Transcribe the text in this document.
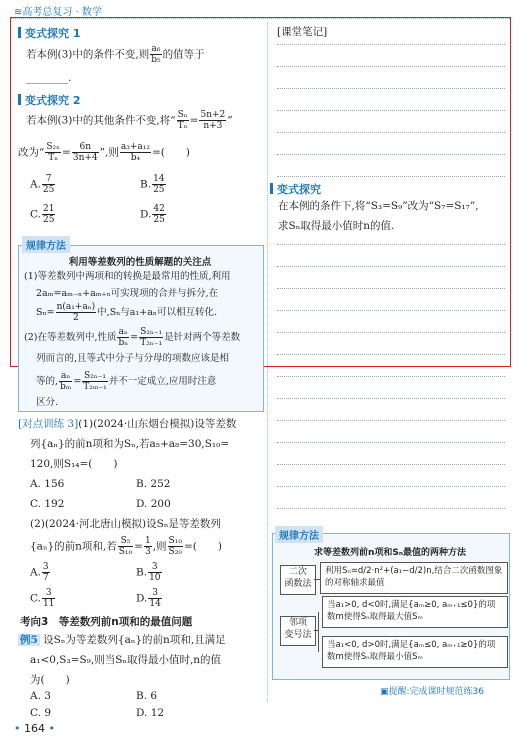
≋高考总复习 · 数学
变式探究 1
若本例(3)中的条件不变,则 $\frac{\text{a₆}}{\text{b₅}}$ 的值等于
________.
变式探究 2
若本例(3)中的其他条件不变,将“ $\frac{\text{Sₙ}}{\text{Tₙ}} = \frac{5n+2}{n+3}$ ”
改为“ $\frac{\text{S₂ₙ}}{\text{Tₙ}} = \frac{6n}{3n+4}$ ”,则 $\frac{\text{a₃+a₁₂}}{\text{b₄}}$ =(　　)
A. $\frac{7}{25}$	B. $\frac{14}{25}$
C. $\frac{21}{25}$	D. $\frac{42}{25}$
规律方法
利用等差数列的性质解题的关注点
(1)等差数列中两项和的转换是最常用的性质,利用
2aₘ=aₘ₋ₙ+aₘ₊ₙ可实现项的合并与拆分,在
$S_n= \frac{\text{n(a₁+aₙ)}}{2}$ 中,Sₙ与a₁+aₙ可以相互转化.
(2)在等差数列中,性质 $\frac{\text{aₙ}}{\text{bₙ}} = \frac{\text{S₂ₙ₋₁}}{\text{T₂ₙ₋₁}}$ 是针对两个等差数
列而言的,且等式中分子与分母的项数应该是相
等的, $\frac{\text{aₙ}}{\text{bₘ}} = \frac{\text{S₂ₙ₋₁}}{\text{T₂ₘ₋₁}}$ 并不一定成立,应用时注意
区分.
[对点训练 3](1)(2024·山东烟台模拟)设等差数
列{aₙ}的前n项和为Sₙ,若a₅+a₈=30,S₁₀=
120,则S₁₄=(　　)
A. 156	B. 252
C. 192	D. 200
(2)(2024·河北唐山模拟)设Sₙ是等差数列
{aₙ}的前n项和,若 $\frac{\text{S₅}}{\text{S₁₀}} = \frac{1}{3}$ ,则 $\frac{\text{S₁₀}}{\text{S₂₀}}$ =(　　)
A. $\frac{3}{7}$	B. $\frac{3}{10}$
C. $\frac{3}{11}$	D. $\frac{3}{14}$
考向3　等差数列前n项和的最值问题
例5 设Sₙ为等差数列{aₙ}的前n项和,且满足
a₁<0,S₃=S₉,则当Sₙ取得最小值时,n的值
为(　　)
A. 3	B. 6
C. 9	D. 12
• 164 •
[课堂笔记]
变式探究
在本例的条件下,将“S₃=S₉”改为“S₇=S₁₇”,
求Sₙ取得最小值时n的值.
规律方法
求等差数列前n项和Sₙ最值的两种方法
二次
函数法
利用Sₙ=d/2·n²+(a₁−d/2)n,结合二次函数图象的对称轴求最值
邻项
变号法
当a₁>0, d<0时,满足{aₘ≥0, aₘ₊₁≤0}的项数m使得Sₙ取得最大值Sₘ
当a₁<0, d>0时,满足{aₘ≤0, aₘ₊₁≥0}的项数m使得Sₙ取得最小值Sₘ
▣提醒:完成课时规范练36
